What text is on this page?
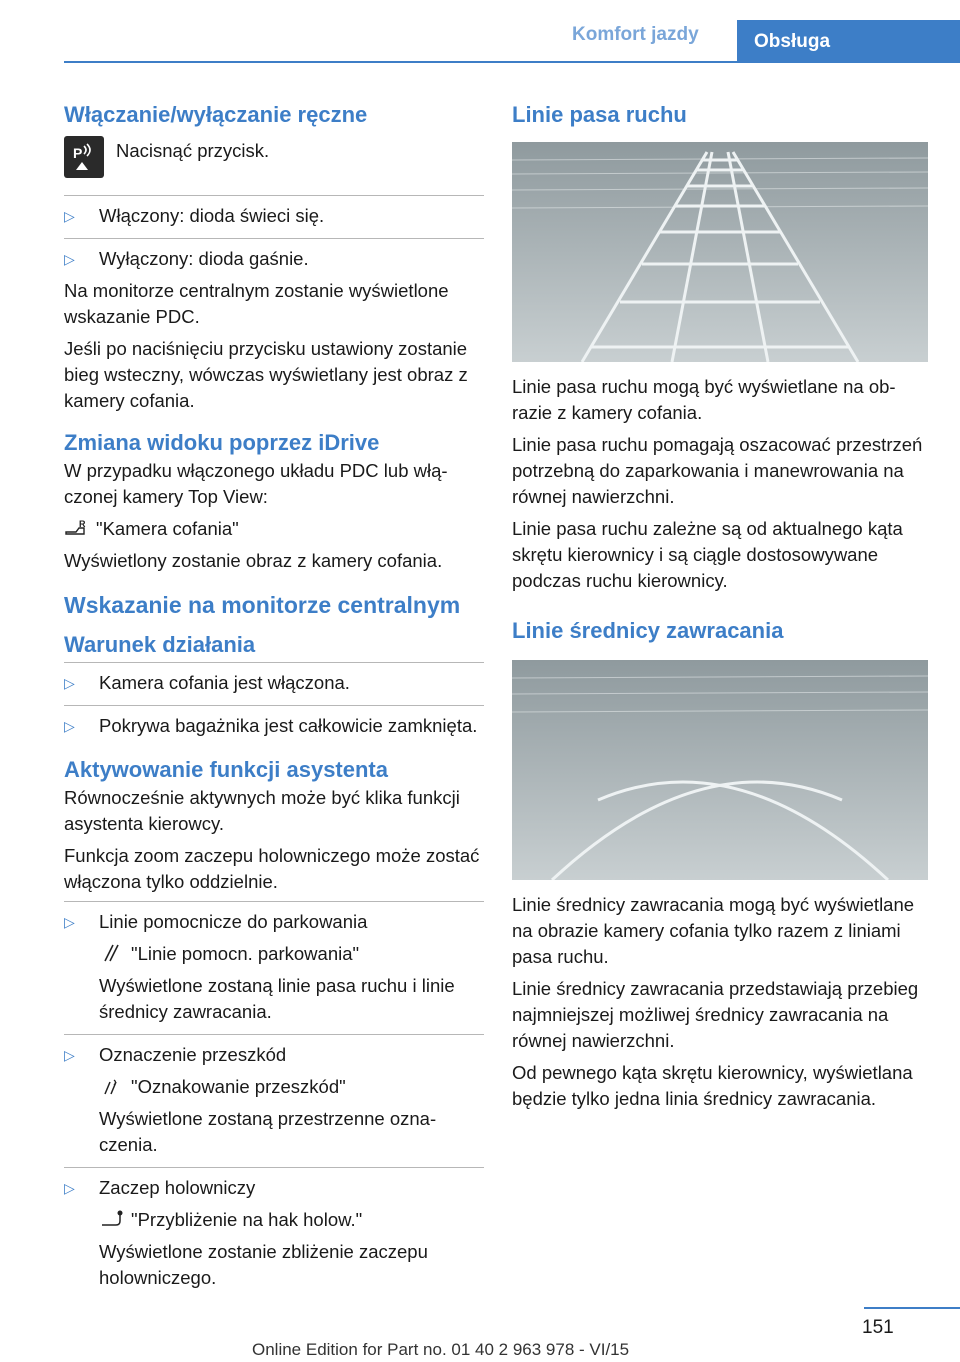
Komfort jazdy	Obsługa
Włączanie/wyłączanie ręczne
P Nacisnąć przycisk.
▷ Włączony: dioda świeci się.
▷ Wyłączony: dioda gaśnie.

Na monitorze centralnym zostanie wyświetlone wskazanie PDC.

Jeśli po naciśnięciu przycisku ustawiony zostanie bieg wsteczny, wówczas wyświetlany jest obraz z kamery cofania.

Zmiana widoku poprzez iDrive

W przypadku włączonego układu PDC lub włączonej kamery Top View:

R "Kamera cofania"

Wyświetlony zostanie obraz z kamery cofania.

Wskazanie na monitorze centralnym
Warunek działania
▷ Kamera cofania jest włączona.
▷ Pokrywa bagażnika jest całkowicie zamknięta.
Aktywowanie funkcji asystenta

Równocześnie aktywnych może być klika funkcji asystenta kierowcy.

Funkcja zoom zaczepu holowniczego może zostać włączona tylko oddzielnie.

▷ Linie pomocnicze do parkowania
"Linie pomocn. parkowania"
Wyświetlone zostaną linie pasa ruchu i linie średnicy zawracania.
▷ Oznaczenie przeszkód
"Oznakowanie przeszkód"
Wyświetlone zostaną przestrzenne oznaczenia.
▷ Zaczep holowniczy
"Przybliżenie na hak holow."
Wyświetlone zostanie zbliżenie zaczepu holowniczego.
Linie pasa ruchu

Linie pasa ruchu mogą być wyświetlane na obrazie z kamery cofania.

Linie pasa ruchu pomagają oszacować przestrzeń potrzebną do zaparkowania i manewrowania na równej nawierzchni.

Linie pasa ruchu zależne są od aktualnego kąta skrętu kierownicy i są ciągle dostosowywane podczas ruchu kierownicy.

Linie średnicy zawracania

Linie średnicy zawracania mogą być wyświetlane na obrazie kamery cofania tylko razem z liniami pasa ruchu.

Linie średnicy zawracania przedstawiają przebieg najmniejszej możliwej średnicy zawracania na równej nawierzchni.

Od pewnego kąta skrętu kierownicy, wyświetlana będzie tylko jedna linia średnicy zawracania.

151
Online Edition for Part no. 01 40 2 963 978 - VI/15
